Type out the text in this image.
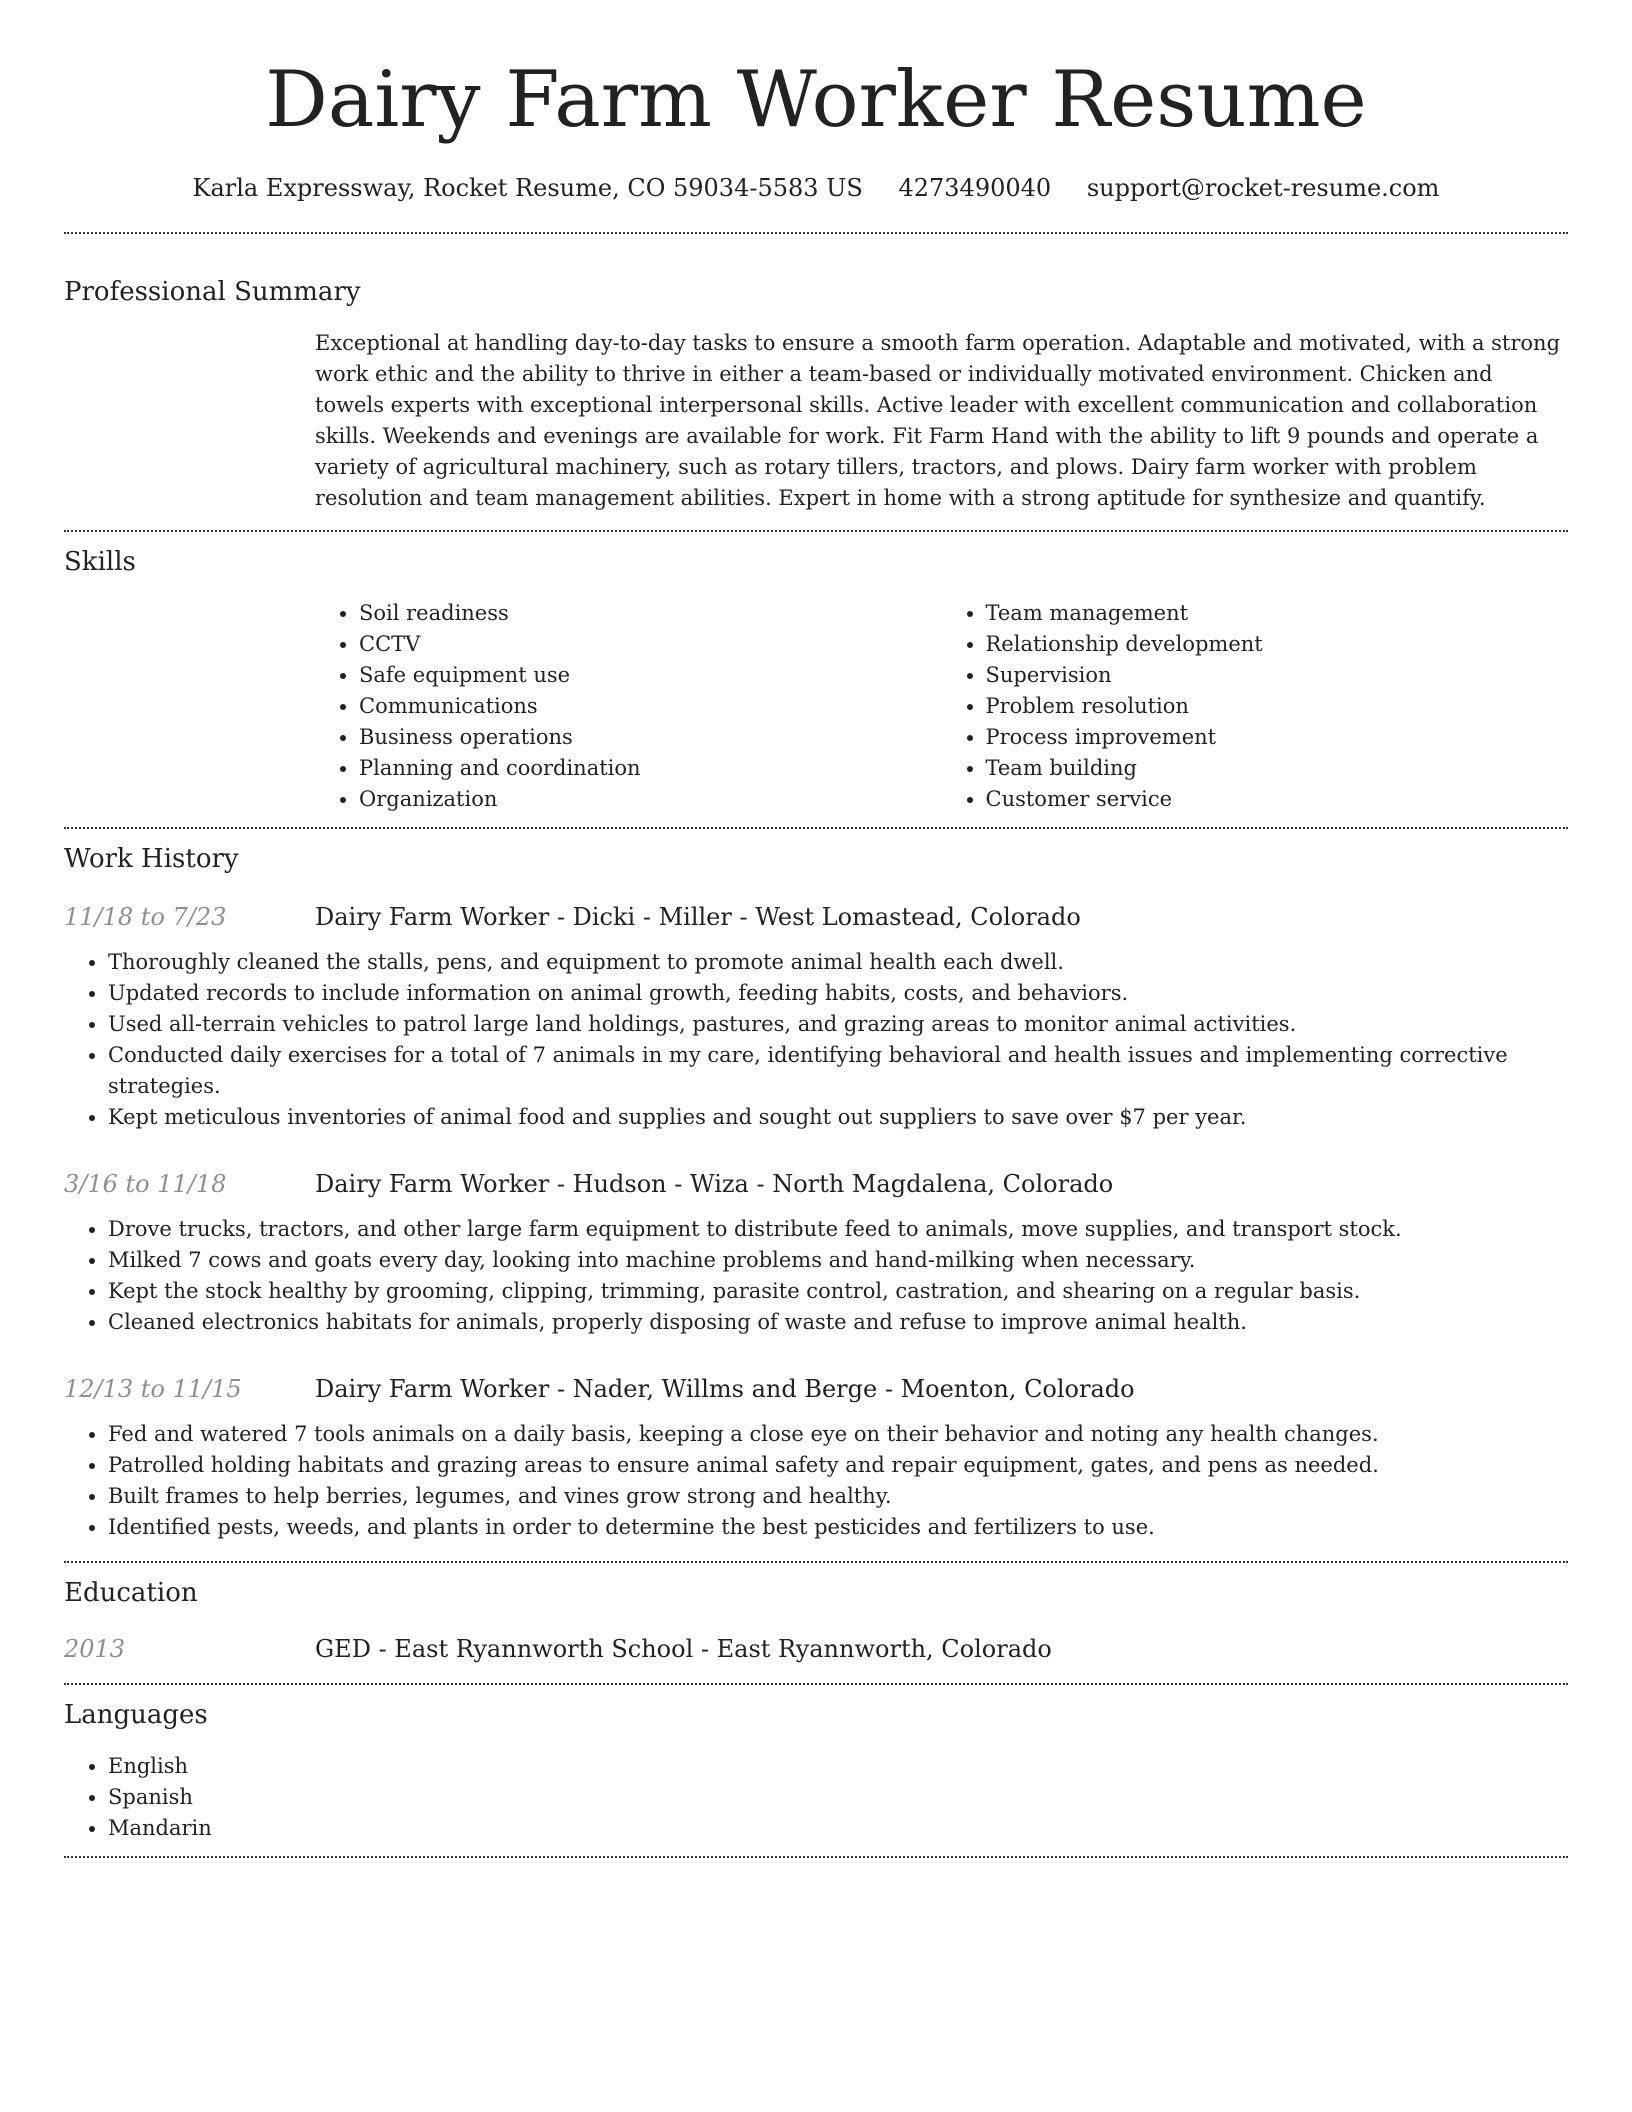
Dairy Farm Worker Resume
Karla Expressway, Rocket Resume, CO 59034-5583 US 4273490040 support@rocket-resume.com
Professional Summary
Exceptional at handling day-to-day tasks to ensure a smooth farm operation. Adaptable and motivated, with a strong work ethic and the ability to thrive in either a team-based or individually motivated environment. Chicken and towels experts with exceptional interpersonal skills. Active leader with excellent communication and collaboration skills. Weekends and evenings are available for work. Fit Farm Hand with the ability to lift 9 pounds and operate a variety of agricultural machinery, such as rotary tillers, tractors, and plows. Dairy farm worker with problem resolution and team management abilities. Expert in home with a strong aptitude for synthesize and quantify.
Skills
• Soil readiness
• CCTV
• Safe equipment use
• Communications
• Business operations
• Planning and coordination
• Organization
• Team management
• Relationship development
• Supervision
• Problem resolution
• Process improvement
• Team building
• Customer service
Work History
11/18 to 7/23	Dairy Farm Worker - Dicki - Miller - West Lomastead, Colorado
• Thoroughly cleaned the stalls, pens, and equipment to promote animal health each dwell.
• Updated records to include information on animal growth, feeding habits, costs, and behaviors.
• Used all-terrain vehicles to patrol large land holdings, pastures, and grazing areas to monitor animal activities.
• Conducted daily exercises for a total of 7 animals in my care, identifying behavioral and health issues and implementing corrective strategies.
• Kept meticulous inventories of animal food and supplies and sought out suppliers to save over $7 per year.
3/16 to 11/18	Dairy Farm Worker - Hudson - Wiza - North Magdalena, Colorado
• Drove trucks, tractors, and other large farm equipment to distribute feed to animals, move supplies, and transport stock.
• Milked 7 cows and goats every day, looking into machine problems and hand-milking when necessary.
• Kept the stock healthy by grooming, clipping, trimming, parasite control, castration, and shearing on a regular basis.
• Cleaned electronics habitats for animals, properly disposing of waste and refuse to improve animal health.
12/13 to 11/15	Dairy Farm Worker - Nader, Willms and Berge - Moenton, Colorado
• Fed and watered 7 tools animals on a daily basis, keeping a close eye on their behavior and noting any health changes.
• Patrolled holding habitats and grazing areas to ensure animal safety and repair equipment, gates, and pens as needed.
• Built frames to help berries, legumes, and vines grow strong and healthy.
• Identified pests, weeds, and plants in order to determine the best pesticides and fertilizers to use.
Education
2013	GED - East Ryannworth School - East Ryannworth, Colorado
Languages
• English
• Spanish
• Mandarin
